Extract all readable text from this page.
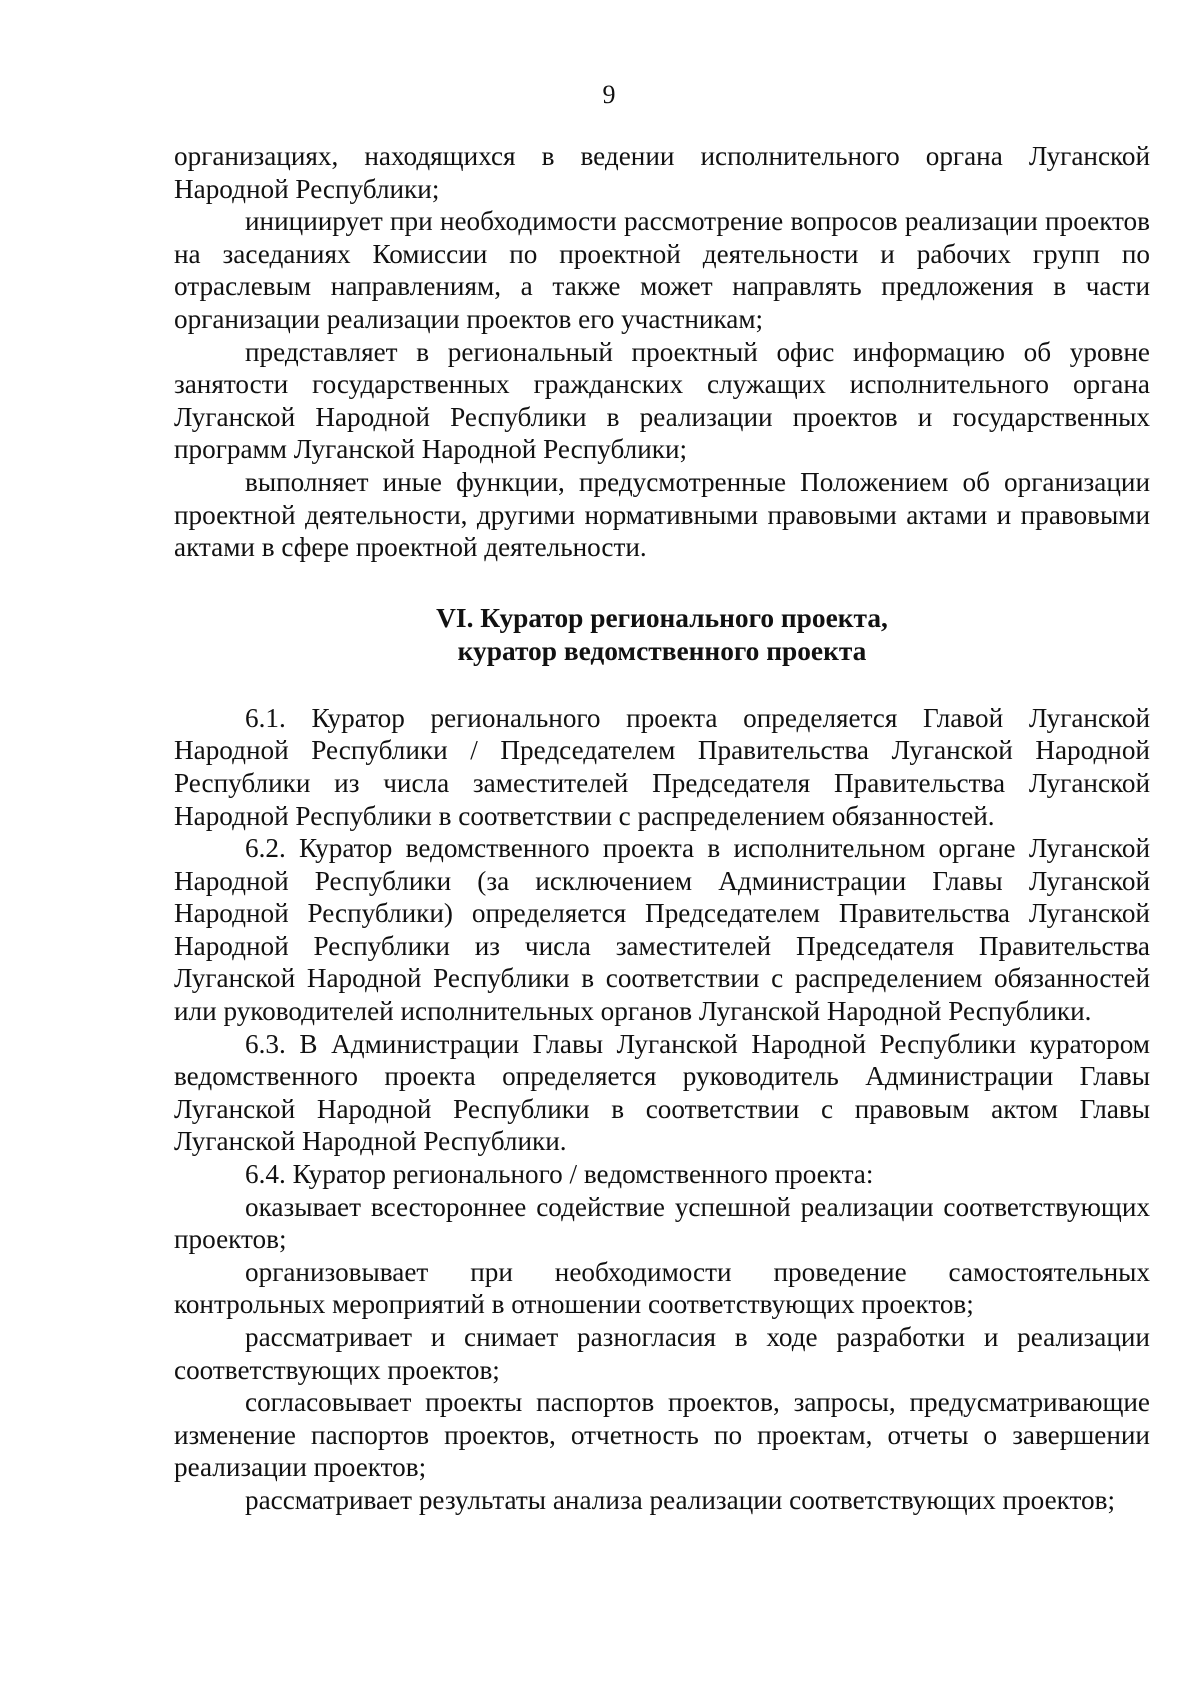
9

организациях, находящихся в ведении исполнительного органа Луганской Народной Республики;

инициирует при необходимости рассмотрение вопросов реализации проектов на заседаниях Комиссии по проектной деятельности и рабочих групп по отраслевым направлениям, а также может направлять предложения в части организации реализации проектов его участникам;

представляет в региональный проектный офис информацию об уровне занятости государственных гражданских служащих исполнительного органа Луганской Народной Республики в реализации проектов и государственных программ Луганской Народной Республики;

выполняет иные функции, предусмотренные Положением об организации проектной деятельности, другими нормативными правовыми актами и правовыми актами в сфере проектной деятельности.

VI. Куратор регионального проекта,
куратор ведомственного проекта

6.1. Куратор регионального проекта определяется Главой Луганской Народной Республики / Председателем Правительства Луганской Народной Республики из числа заместителей Председателя Правительства Луганской Народной Республики в соответствии с распределением обязанностей.

6.2. Куратор ведомственного проекта в исполнительном органе Луганской Народной Республики (за исключением Администрации Главы Луганской Народной Республики) определяется Председателем Правительства Луганской Народной Республики из числа заместителей Председателя Правительства Луганской Народной Республики в соответствии с распределением обязанностей или руководителей исполнительных органов Луганской Народной Республики.

6.3. В Администрации Главы Луганской Народной Республики куратором ведомственного проекта определяется руководитель Администрации Главы Луганской Народной Республики в соответствии с правовым актом Главы Луганской Народной Республики.

6.4. Куратор регионального / ведомственного проекта:

оказывает всестороннее содействие успешной реализации соответствующих проектов;

организовывает при необходимости проведение самостоятельных контрольных мероприятий в отношении соответствующих проектов;

рассматривает и снимает разногласия в ходе разработки и реализации соответствующих проектов;

согласовывает проекты паспортов проектов, запросы, предусматривающие изменение паспортов проектов, отчетность по проектам, отчеты о завершении реализации проектов;

рассматривает результаты анализа реализации соответствующих проектов;
